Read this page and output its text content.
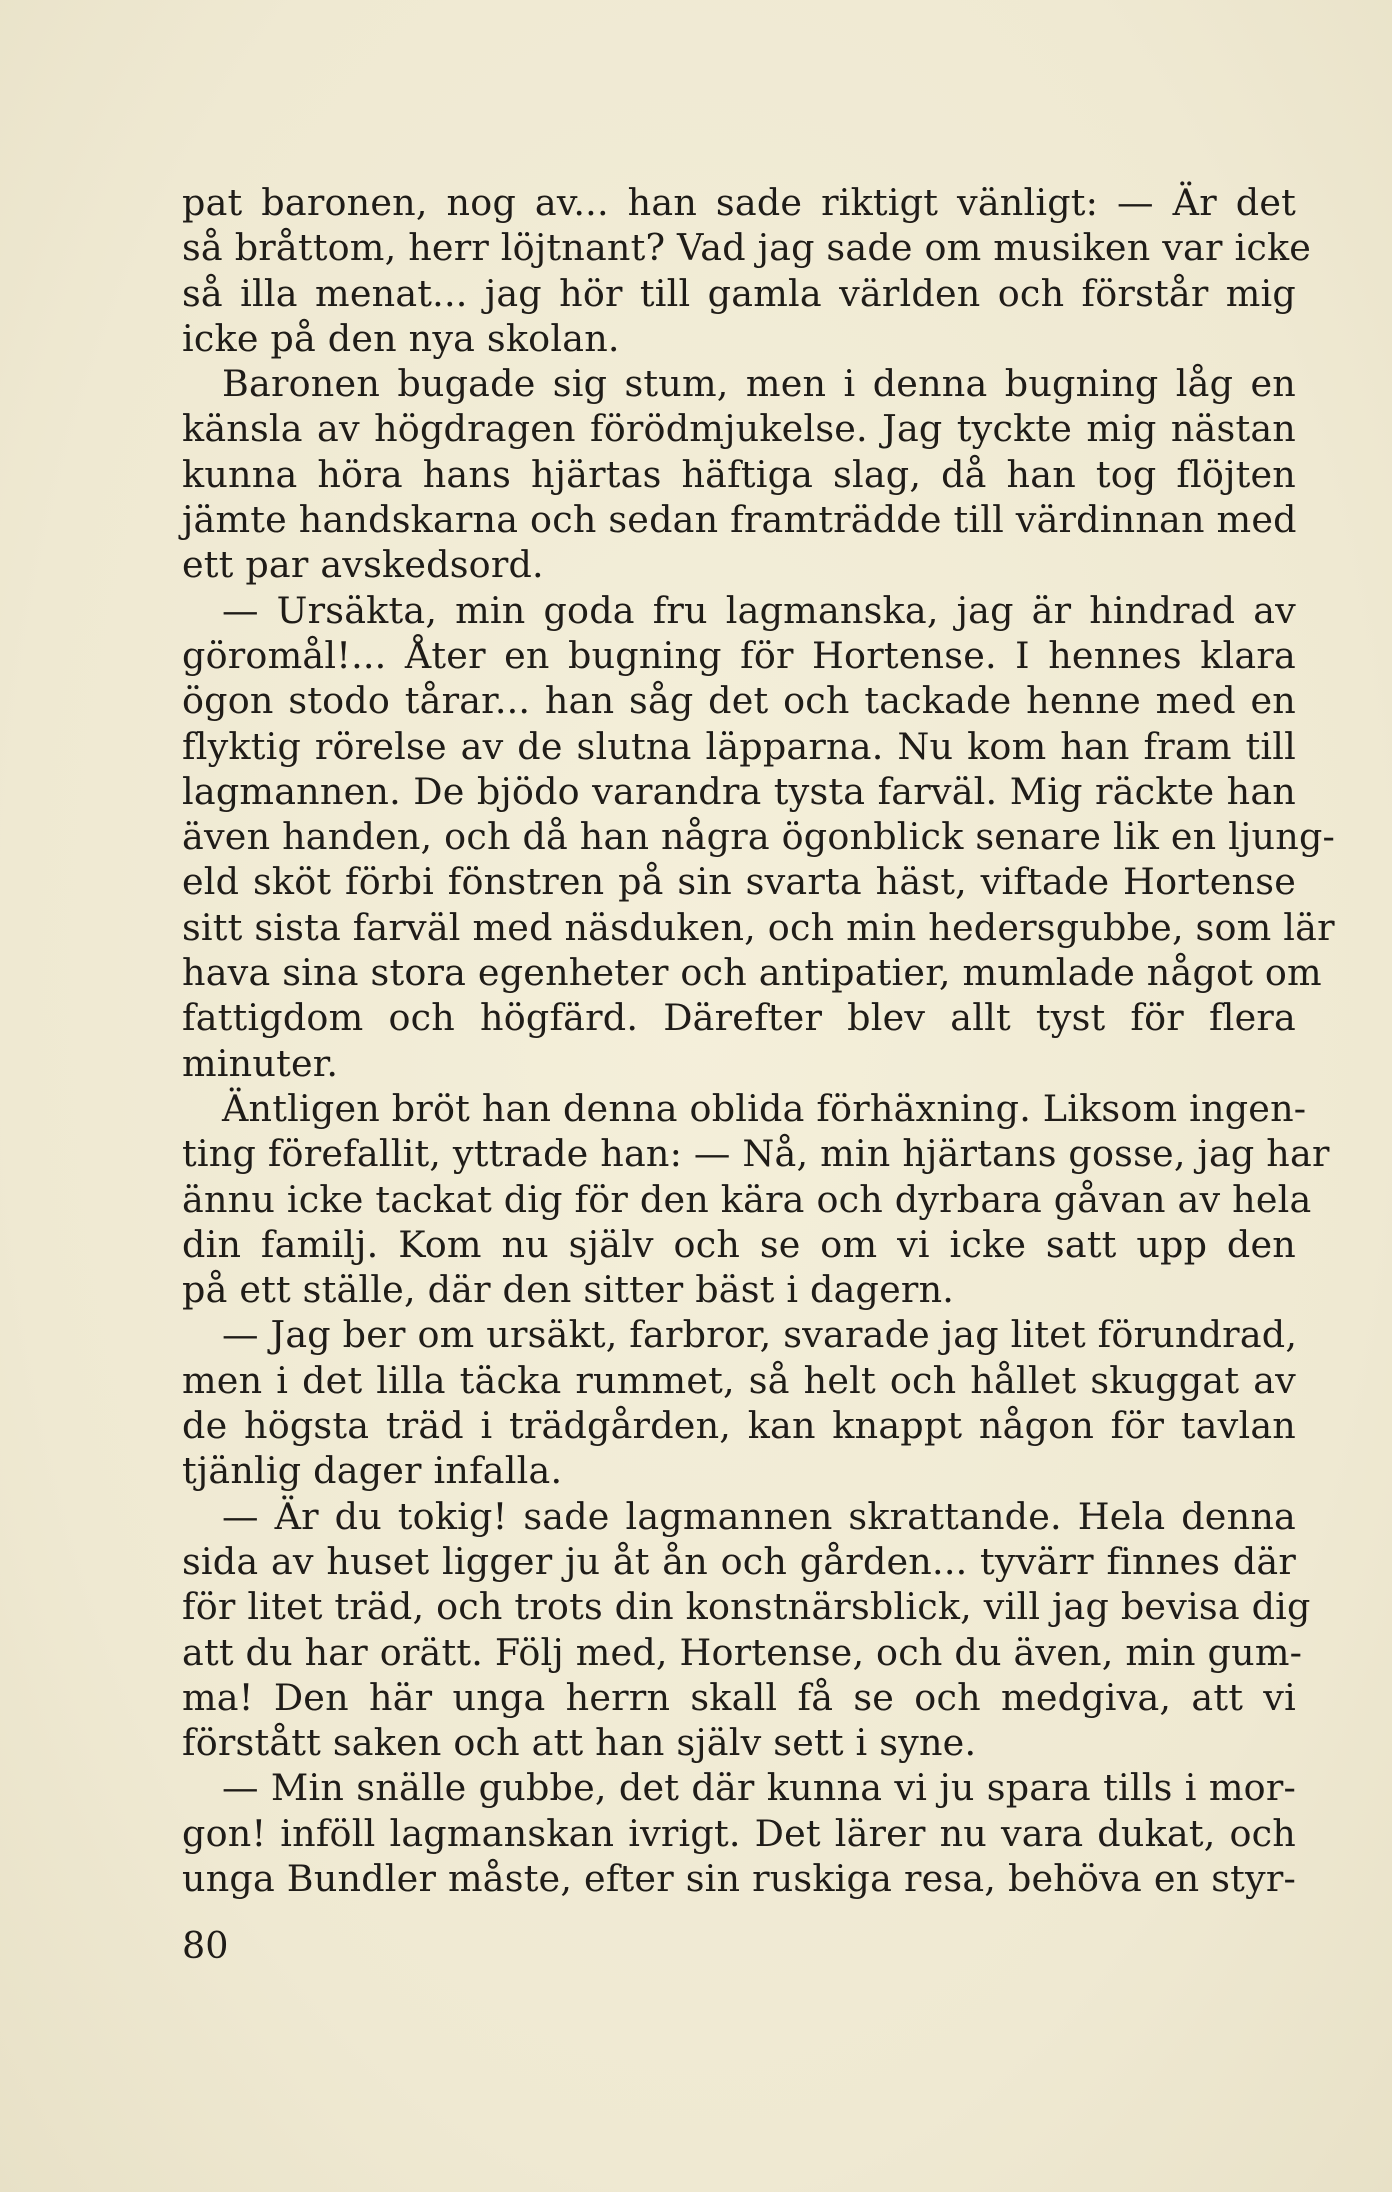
pat baronen, nog av... han sade riktigt vänligt: — Är det
så bråttom, herr löjtnant? Vad jag sade om musiken var icke
så illa menat... jag hör till gamla världen och förstår mig
icke på den nya skolan.
Baronen bugade sig stum, men i denna bugning låg en
känsla av högdragen förödmjukelse. Jag tyckte mig nästan
kunna höra hans hjärtas häftiga slag, då han tog flöjten
jämte handskarna och sedan framträdde till värdinnan med
ett par avskedsord.
— Ursäkta, min goda fru lagmanska, jag är hindrad av
göromål!... Åter en bugning för Hortense. I hennes klara
ögon stodo tårar... han såg det och tackade henne med en
flyktig rörelse av de slutna läpparna. Nu kom han fram till
lagmannen. De bjödo varandra tysta farväl. Mig räckte han
även handen, och då han några ögonblick senare lik en ljung-
eld sköt förbi fönstren på sin svarta häst, viftade Hortense
sitt sista farväl med näsduken, och min hedersgubbe, som lär
hava sina stora egenheter och antipatier, mumlade något om
fattigdom och högfärd. Därefter blev allt tyst för flera
minuter.
Äntligen bröt han denna oblida förhäxning. Liksom ingen-
ting förefallit, yttrade han: — Nå, min hjärtans gosse, jag har
ännu icke tackat dig för den kära och dyrbara gåvan av hela
din familj. Kom nu själv och se om vi icke satt upp den
på ett ställe, där den sitter bäst i dagern.
— Jag ber om ursäkt, farbror, svarade jag litet förundrad,
men i det lilla täcka rummet, så helt och hållet skuggat av
de högsta träd i trädgården, kan knappt någon för tavlan
tjänlig dager infalla.
— Är du tokig! sade lagmannen skrattande. Hela denna
sida av huset ligger ju åt ån och gården... tyvärr finnes där
för litet träd, och trots din konstnärsblick, vill jag bevisa dig
att du har orätt. Följ med, Hortense, och du även, min gum-
ma! Den här unga herrn skall få se och medgiva, att vi
förstått saken och att han själv sett i syne.
— Min snälle gubbe, det där kunna vi ju spara tills i mor-
gon! inföll lagmanskan ivrigt. Det lärer nu vara dukat, och
unga Bundler måste, efter sin ruskiga resa, behöva en styr-
80
